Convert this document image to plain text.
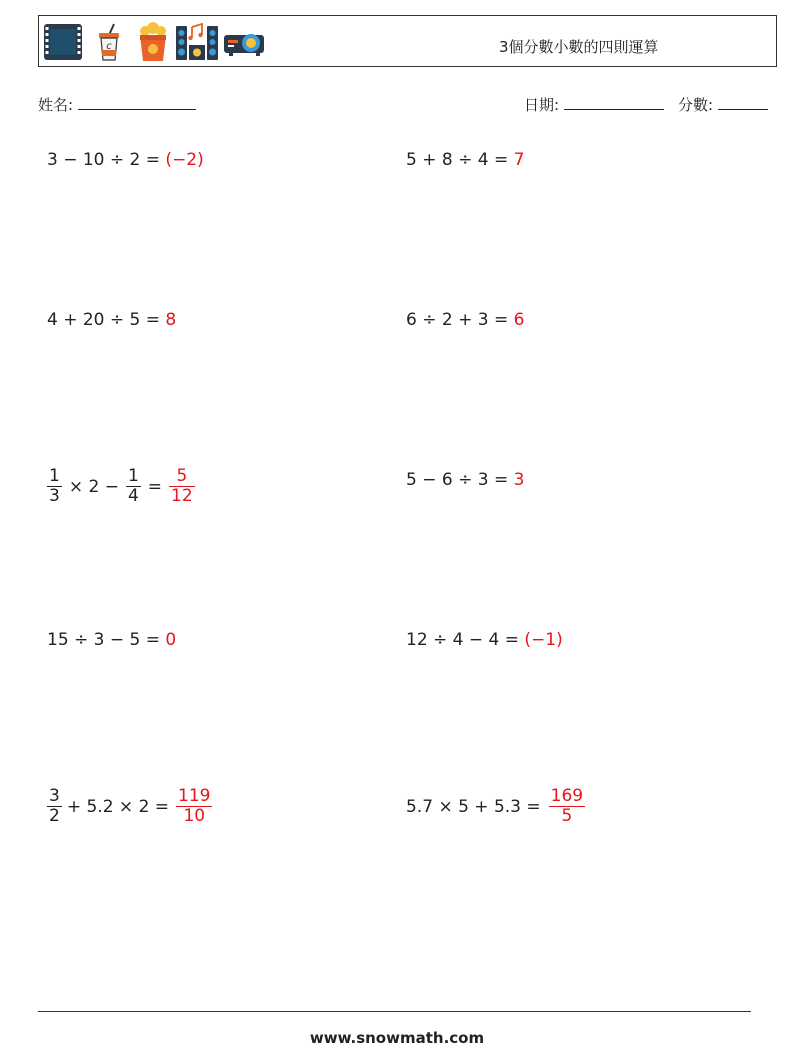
c	3個分數小數的四則運算
姓名:	日期:	分數:
3 − 10 ÷ 2 =
(−2)	5 + 8 ÷ 4 =
7
4 + 20 ÷ 5 =
8	6 ÷ 2 + 3 =
6
$\frac{1}{3} \times 2 - \frac{1}{4} = \frac{5}{12}$	5 − 6 ÷ 3 =
3
15 ÷ 3 − 5 =
0	12 ÷ 4 − 4 =
(−1)
$\frac{3}{2} + 5.2 \times 2 = \frac{119}{10}$	$5.7 \times 5 + 5.3 = \frac{169}{5}$
www.snowmath.com
